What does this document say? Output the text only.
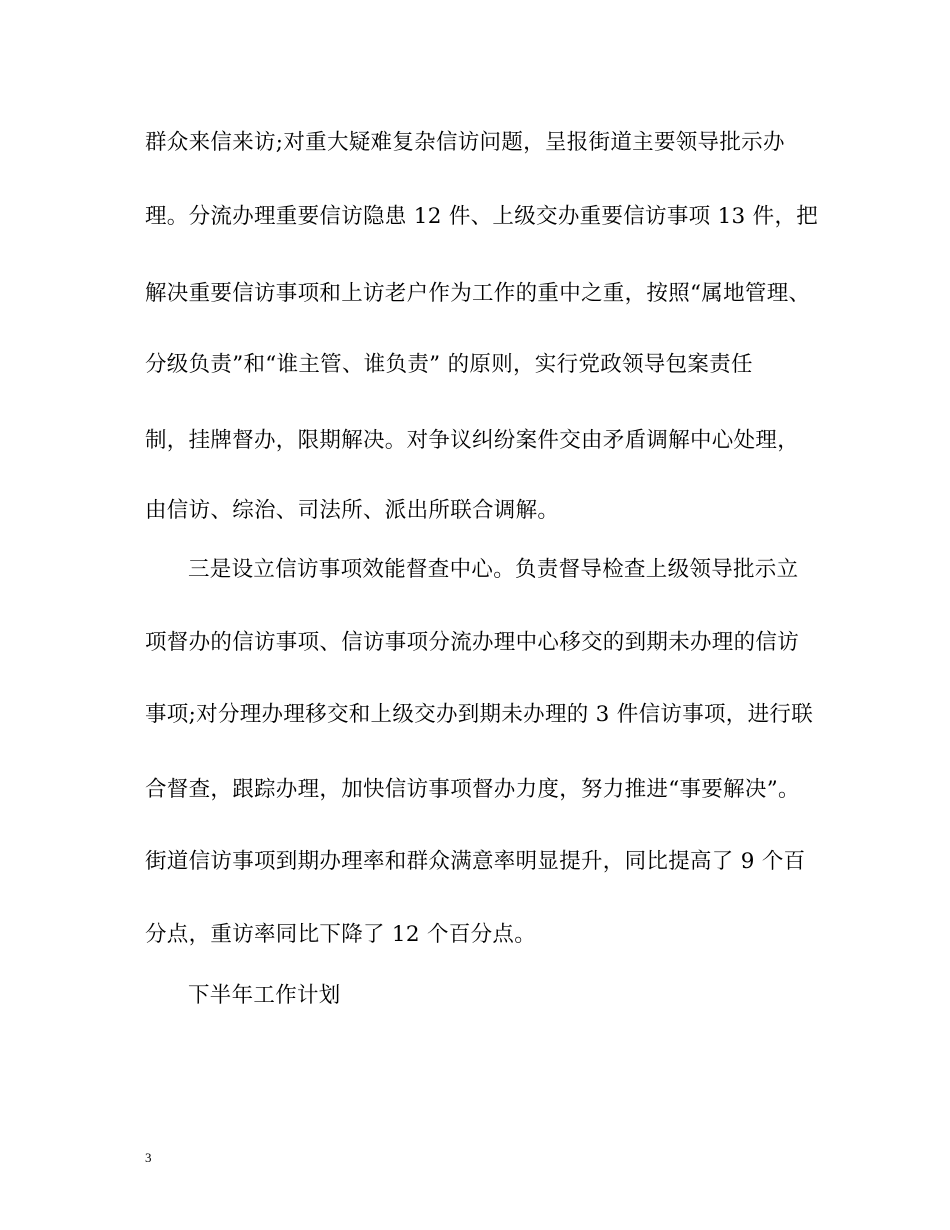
群众来信来访;对重大疑难复杂信访问题，呈报街道主要领导批示办
理。分流办理重要信访隐患 12 件、上级交办重要信访事项 13 件，把
解决重要信访事项和上访老户作为工作的重中之重，按照“属地管理、
分级负责”和“谁主管、谁负责” 的原则，实行党政领导包案责任
制，挂牌督办，限期解决。对争议纠纷案件交由矛盾调解中心处理，
由信访、综治、司法所、派出所联合调解。
三是设立信访事项效能督查中心。负责督导检查上级领导批示立
项督办的信访事项、信访事项分流办理中心移交的到期未办理的信访
事项;对分理办理移交和上级交办到期未办理的 3 件信访事项，进行联
合督查，跟踪办理，加快信访事项督办力度，努力推进“事要解决”。
街道信访事项到期办理率和群众满意率明显提升，同比提高了 9 个百
分点，重访率同比下降了 12 个百分点。
下半年工作计划
3
